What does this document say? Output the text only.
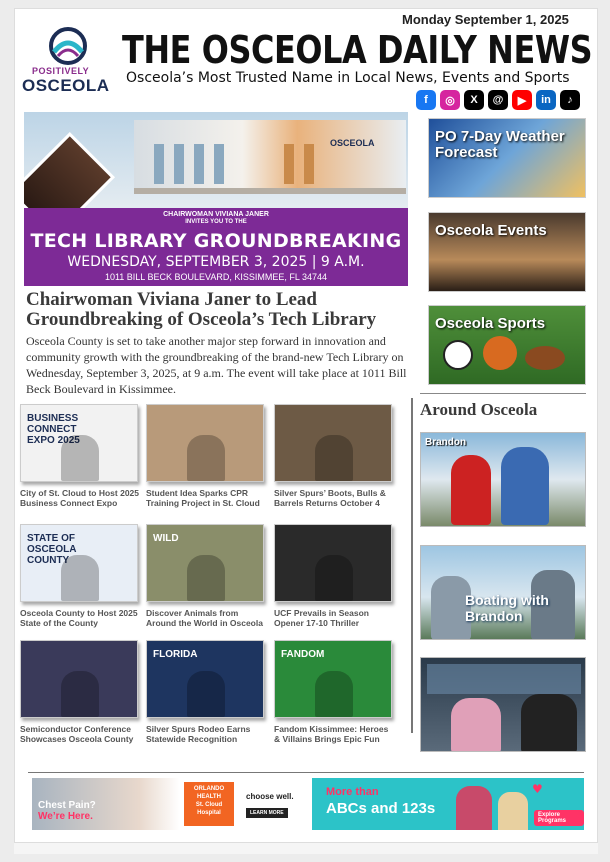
Monday September 1, 2025
POSITIVELY
OSCEOLA
THE OSCEOLA DAILY NEWS
Osceola’s Most Trusted Name in Local News, Events and Sports
f	◎	X	@	▶	in	♪
OSCEOLA
CHAIRWOMAN VIVIANA JANER
INVITES YOU TO THE
TECH LIBRARY GROUNDBREAKING
WEDNESDAY, SEPTEMBER 3, 2025 | 9 A.M.
1011 BILL BECK BOULEVARD, KISSIMMEE, FL 34744
Chairwoman Viviana Janer to Lead Groundbreaking of Osceola’s Tech Library
Osceola County is set to take another major step forward in innovation and community growth with the groundbreaking of the brand-new Tech Library on Wednesday, September 3, 2025, at 9 a.m. The event will take place at 1011 Bill Beck Boulevard in Kissimmee.
PO 7-Day Weather Forecast
Osceola Events
Osceola Sports
Around Osceola
Brandon
Boating with Brandon
BUSINESS CONNECT EXPO 2025
City of St. Cloud to Host 2025 Business Connect Expo
Student Idea Sparks CPR Training Project in St. Cloud
Silver Spurs’ Boots, Bulls & Barrels Returns October 4
STATE OF OSCEOLA COUNTY
Osceola County to Host 2025 State of the County
WILD
Discover Animals from Around the World in Osceola
UCF Prevails in Season Opener 17-10 Thriller
Semiconductor Conference Showcases Osceola County
FLORIDA
Silver Spurs Rodeo Earns Statewide Recognition
FANDOM
Fandom Kissimmee: Heroes & Villains Brings Epic Fun
Chest Pain?
We’re Here.
ORLANDO HEALTH
St. Cloud Hospital
choose well.
LEARN MORE
More than
ABCs and 123s
♥
Explore Programs
